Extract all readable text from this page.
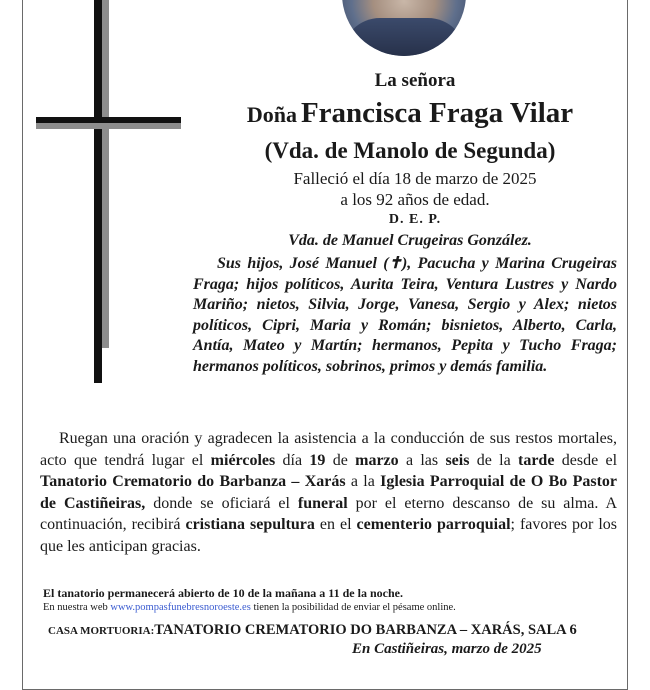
La señora
Doña Francisca Fraga Vilar
(Vda. de Manolo de Segunda)
Falleció el día 18 de marzo de 2025
a los 92 años de edad.
D. E. P.
Vda. de Manuel Crugeiras González.

Sus hijos, José Manuel (✝), Pacucha y Marina Crugeiras Fraga; hijos políticos, Aurita Teira, Ventura Lustres y Nardo Mariño; nietos, Silvia, Jorge, Vanesa, Sergio y Alex; nietos políticos, Cipri, Maria y Román; bisnietos, Alberto, Carla, Antía, Mateo y Martín; hermanos, Pepita y Tucho Fraga; hermanos políticos, sobrinos, primos y demás familia.

Ruegan una oración y agradecen la asistencia a la conducción de sus restos mortales, acto que tendrá lugar el miércoles día 19 de marzo a las seis de la tarde desde el Tanatorio Crematorio do Barbanza – Xarás a la Iglesia Parroquial de O Bo Pastor de Castiñeiras, donde se oficiará el funeral por el eterno descanso de su alma. A continuación, recibirá cristiana sepultura en el cementerio parroquial; favores por los que les anticipan gracias.

El tanatorio permanecerá abierto de 10 de la mañana a 11 de la noche.
En nuestra web www.pompasfunebresnoroeste.es tienen la posibilidad de enviar el pésame online.
CASA MORTUORIA:TANATORIO CREMATORIO DO BARBANZA – XARÁS, SALA 6
En Castiñeiras, marzo de 2025
